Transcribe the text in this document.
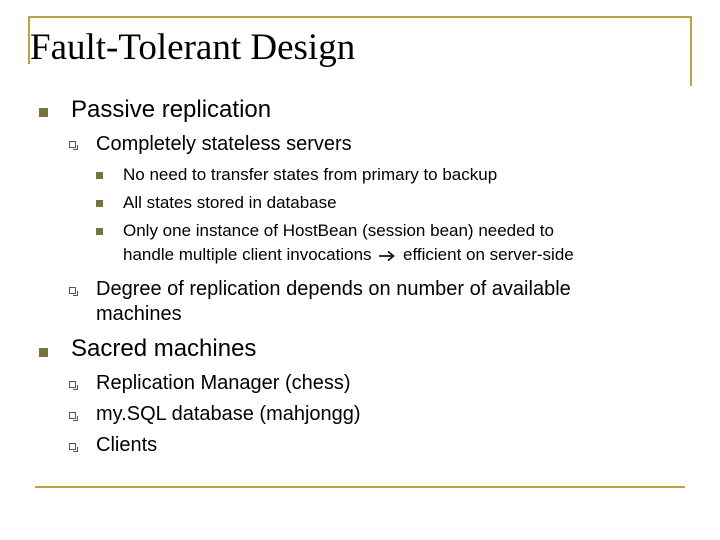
Fault-Tolerant Design
Passive replication
Completely stateless servers
No need to transfer states from primary to backup
All states stored in database
Only one instance of HostBean (session bean) needed to
handle multiple client invocations efficient on server-side
Degree of replication depends on number of available
machines
Sacred machines
Replication Manager (chess)
my.SQL database (mahjongg)
Clients
